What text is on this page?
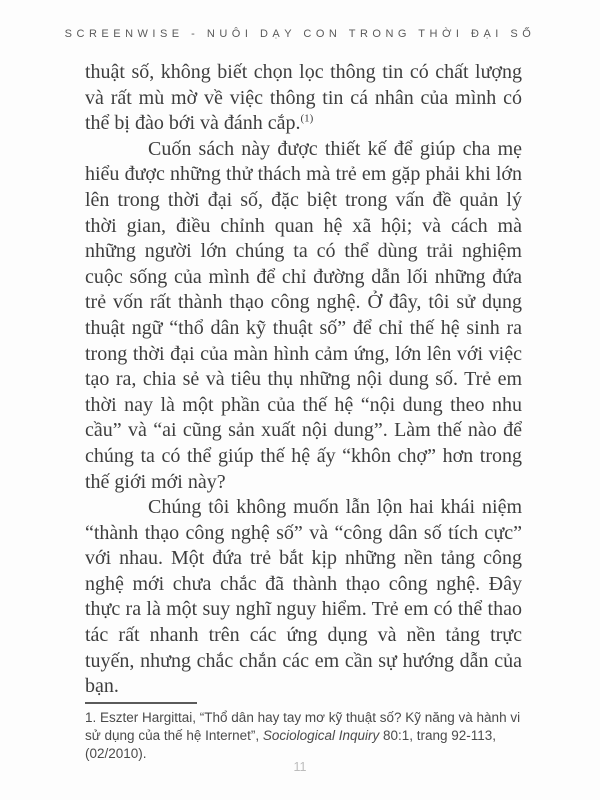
SCREENWISE - NUÔI DẠY CON TRONG THỜI ĐẠI SỐ

thuật số, không biết chọn lọc thông tin có chất lượng và rất mù mờ về việc thông tin cá nhân của mình có thể bị đào bới và đánh cắp.$^{(1)}$

Cuốn sách này được thiết kế để giúp cha mẹ hiểu được những thử thách mà trẻ em gặp phải khi lớn lên trong thời đại số, đặc biệt trong vấn đề quản lý thời gian, điều chỉnh quan hệ xã hội; và cách mà những người lớn chúng ta có thể dùng trải nghiệm cuộc sống của mình để chỉ đường dẫn lối những đứa trẻ vốn rất thành thạo công nghệ. Ở đây, tôi sử dụng thuật ngữ “thổ dân kỹ thuật số” để chỉ thế hệ sinh ra trong thời đại của màn hình cảm ứng, lớn lên với việc tạo ra, chia sẻ và tiêu thụ những nội dung số. Trẻ em thời nay là một phần của thế hệ “nội dung theo nhu cầu” và “ai cũng sản xuất nội dung”. Làm thế nào để chúng ta có thể giúp thế hệ ấy “khôn chợ” hơn trong thế giới mới này?

Chúng tôi không muốn lẫn lộn hai khái niệm “thành thạo công nghệ số” và “công dân số tích cực” với nhau. Một đứa trẻ bắt kịp những nền tảng công nghệ mới chưa chắc đã thành thạo công nghệ. Đây thực ra là một suy nghĩ nguy hiểm. Trẻ em có thể thao tác rất nhanh trên các ứng dụng và nền tảng trực tuyến, nhưng chắc chắn các em cần sự hướng dẫn của bạn.

1. Eszter Hargittai, “Thổ dân hay tay mơ kỹ thuật số? Kỹ năng và hành vi sử dụng của thế hệ Internet”, Sociological Inquiry 80:1, trang 92-113, (02/2010).

11
